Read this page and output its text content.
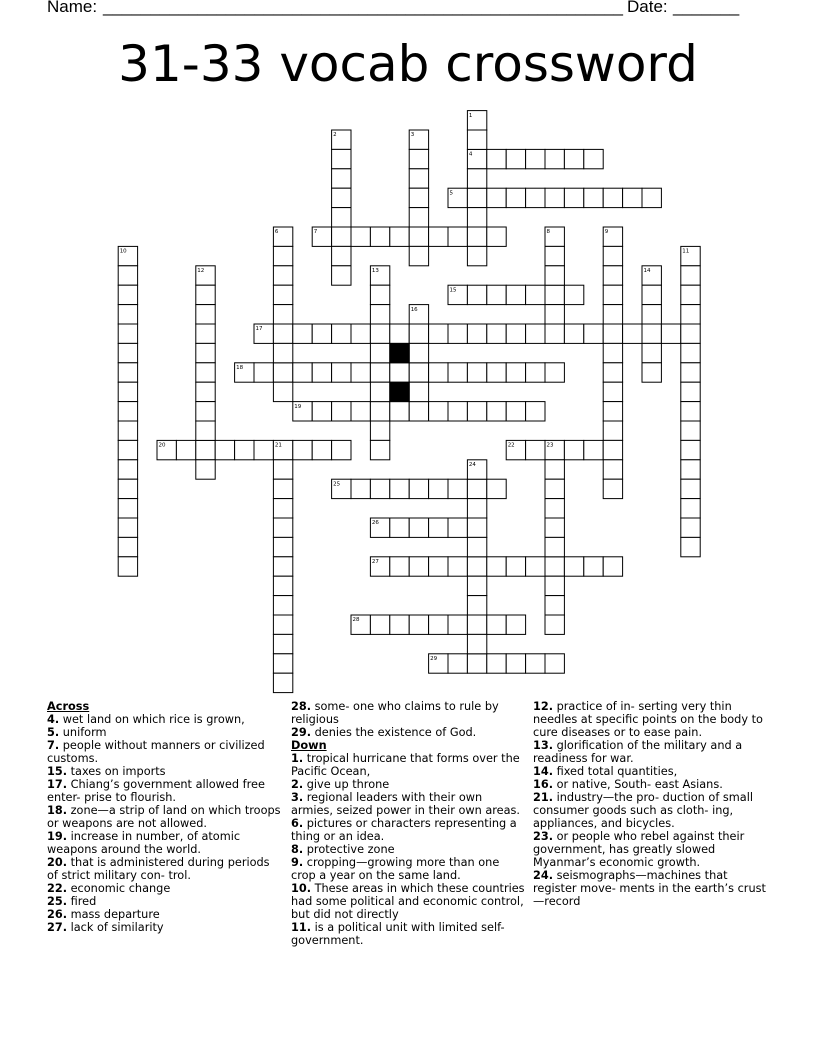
Name: _______________________________________________________ Date: _______
31-33 vocab crossword
4
5
7
15
17
18
19
20	22
25
26
27
28
29
1
2	3
6	8	9
10	11
12	13	14
16
21	23
24
Across

4. wet land on which rice is grown,

5. uniform

7. people without manners or civilized customs.

15. taxes on imports

17. Chiang’s government allowed free enter- prise to flourish.

18. zone—a strip of land on which troops or weapons are not allowed.

19. increase in number, of atomic weapons around the world.

20. that is administered during periods of strict military con- trol.

22. economic change

25. fired

26. mass departure

27. lack of similarity

28. some- one who claims to rule by religious

29. denies the existence of God.

Down

1. tropical hurricane that forms over the Pacific Ocean,

2. give up throne

3. regional leaders with their own armies, seized power in their own areas.

6. pictures or characters representing a thing or an idea.

8. protective zone

9. cropping—growing more than one crop a year on the same land.

10. These areas in which these countries had some political and economic control, but did not directly

11. is a political unit with limited self-government.

12. practice of in- serting very thin needles at specific points on the body to cure diseases or to ease pain.

13. glorification of the military and a readiness for war.

14. fixed total quantities,

16. or native, South- east Asians.

21. industry—the pro- duction of small consumer goods such as cloth- ing, appliances, and bicycles.

23. or people who rebel against their government, has greatly slowed Myanmar’s economic growth.

24. seismographs—machines that register move- ments in the earth’s crust—record
